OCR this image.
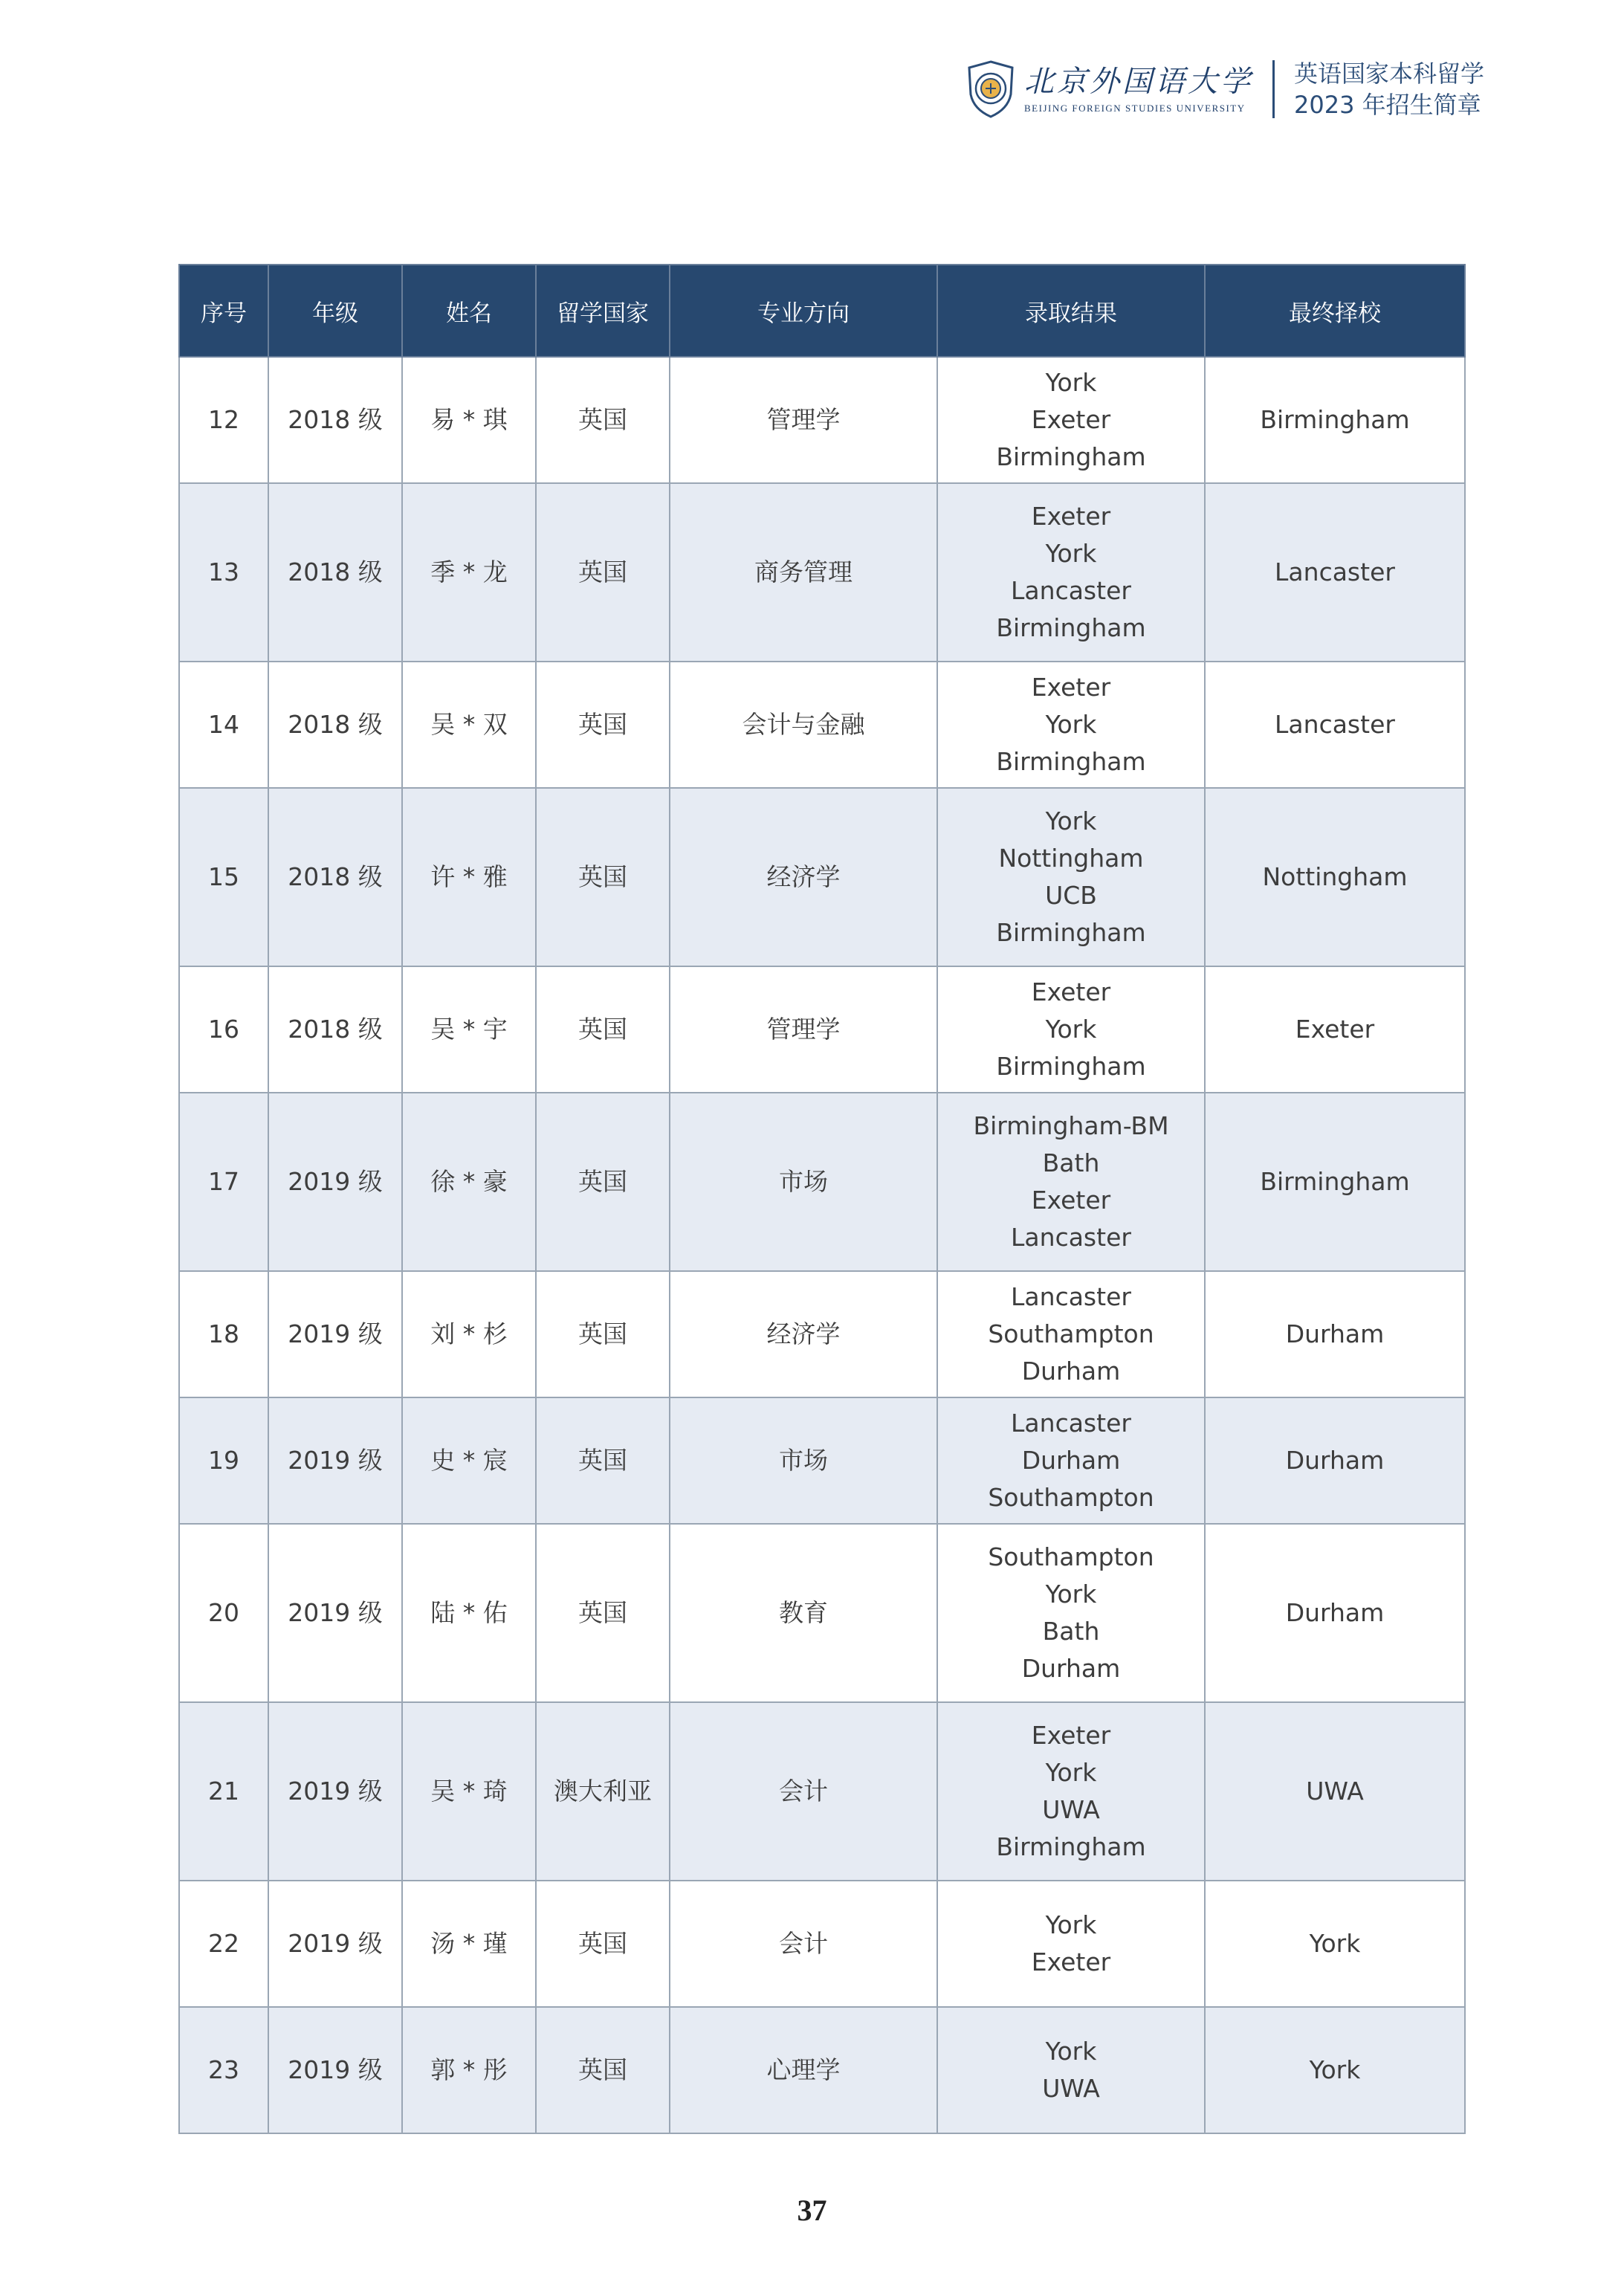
北京外国语大学
BEIJING FOREIGN STUDIES UNIVERSITY
英语国家本科留学
2023 年招生简章
序号	年级	姓名	留学国家	专业方向	录取结果	最终择校
12	2018 级	易 * 琪	英国	管理学	York
Exeter
Birmingham	Birmingham
13	2018 级	季 * 龙	英国	商务管理	Exeter
York
Lancaster
Birmingham	Lancaster
14	2018 级	吴 * 双	英国	会计与金融	Exeter
York
Birmingham	Lancaster
15	2018 级	许 * 雅	英国	经济学	York
Nottingham
UCB
Birmingham	Nottingham
16	2018 级	吴 * 宇	英国	管理学	Exeter
York
Birmingham	Exeter
17	2019 级	徐 * 豪	英国	市场	Birmingham-BM
Bath
Exeter
Lancaster	Birmingham
18	2019 级	刘 * 杉	英国	经济学	Lancaster
Southampton
Durham	Durham
19	2019 级	史 * 宸	英国	市场	Lancaster
Durham
Southampton	Durham
20	2019 级	陆 * 佑	英国	教育	Southampton
York
Bath
Durham	Durham
21	2019 级	吴 * 琦	澳大利亚	会计	Exeter
York
UWA
Birmingham	UWA
22	2019 级	汤 * 瑾	英国	会计	York
Exeter	York
23	2019 级	郭 * 彤	英国	心理学	York
UWA	York
37
